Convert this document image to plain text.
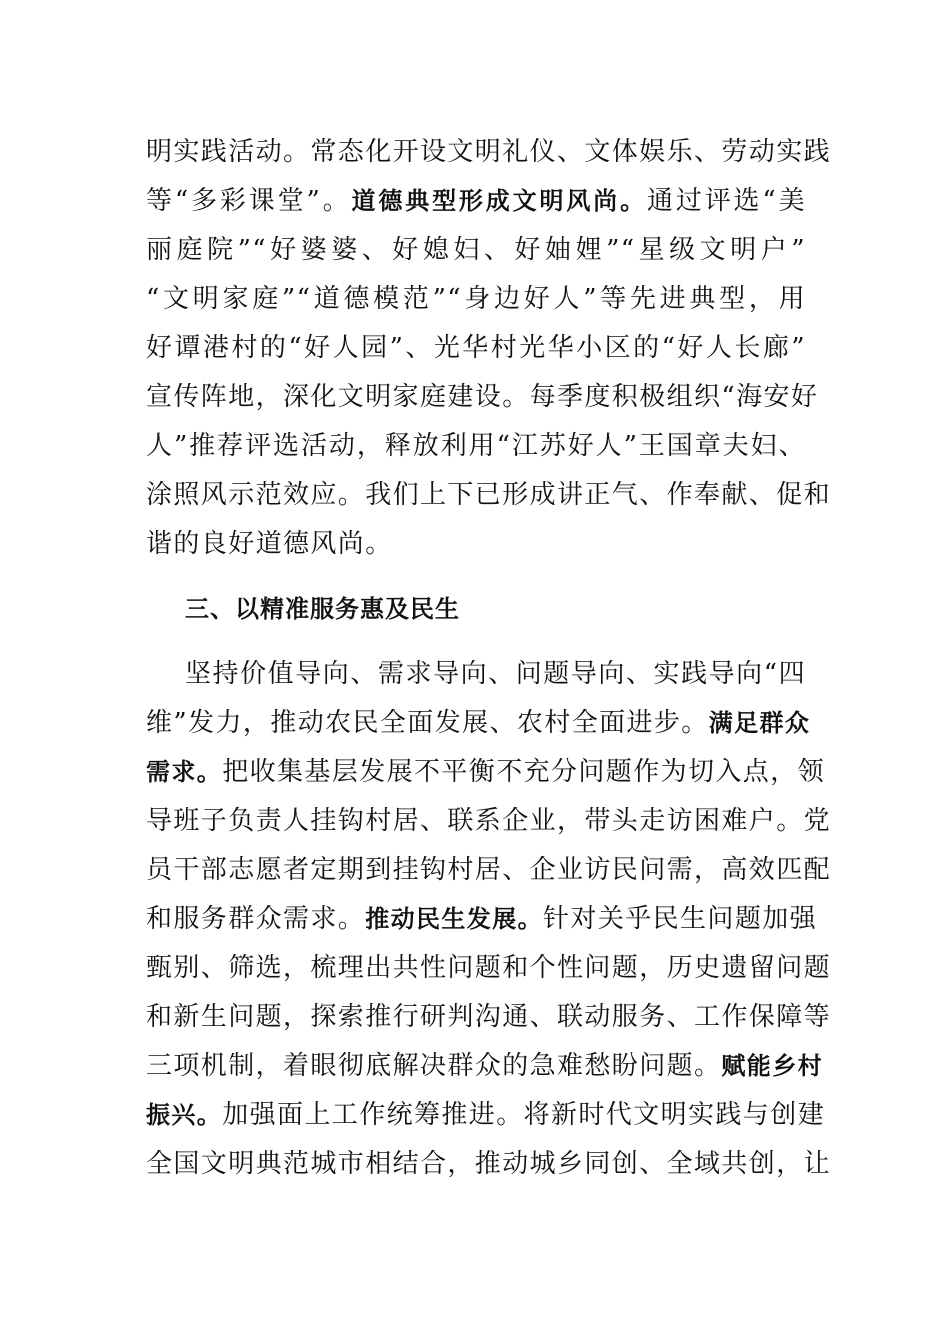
明实践活动。常态化开设文明礼仪、文体娱乐、劳动实践
等“多彩课堂”。道德典型形成文明风尚。通过评选“美
丽庭院”“好婆婆、好媳妇、好妯娌”“星级文明户”
“文明家庭”“道德模范”“身边好人”等先进典型，用
好谭港村的“好人园”、光华村光华小区的“好人长廊”
宣传阵地，深化文明家庭建设。每季度积极组织“海安好
人”推荐评选活动，释放利用“江苏好人”王国章夫妇、
涂照风示范效应。我们上下已形成讲正气、作奉献、促和
谐的良好道德风尚。
三、以精准服务惠及民生
坚持价值导向、需求导向、问题导向、实践导向“四
维”发力，推动农民全面发展、农村全面进步。满足群众
需求。把收集基层发展不平衡不充分问题作为切入点，领
导班子负责人挂钩村居、联系企业，带头走访困难户。党
员干部志愿者定期到挂钩村居、企业访民问需，高效匹配
和服务群众需求。推动民生发展。针对关乎民生问题加强
甄别、筛选，梳理出共性问题和个性问题，历史遗留问题
和新生问题，探索推行研判沟通、联动服务、工作保障等
三项机制，着眼彻底解决群众的急难愁盼问题。赋能乡村
振兴。加强面上工作统筹推进。将新时代文明实践与创建
全国文明典范城市相结合，推动城乡同创、全域共创，让
